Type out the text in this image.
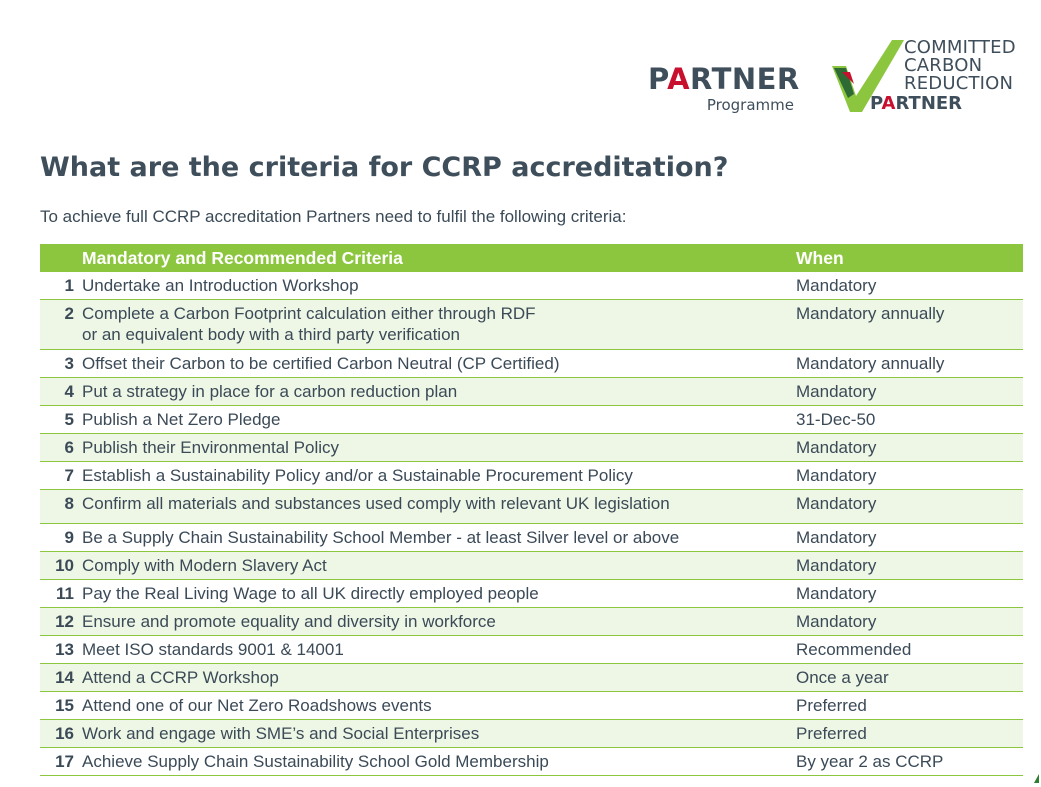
PARTNER
Programme
COMMITTED
CARBON
REDUCTION
PARTNER
What are the criteria for CCRP accreditation?

To achieve full CCRP accreditation Partners need to fulfil the following criteria:

	Mandatory and Recommended Criteria	When
1	Undertake an Introduction Workshop	Mandatory
2	Complete a Carbon Footprint calculation either through RDF
or an equivalent body with a third party verification	Mandatory annually
3	Offset their Carbon to be certified Carbon Neutral (CP Certified)	Mandatory annually
4	Put a strategy in place for a carbon reduction plan	Mandatory
5	Publish a Net Zero Pledge	31-Dec-50
6	Publish their Environmental Policy	Mandatory
7	Establish a Sustainability Policy and/or a Sustainable Procurement Policy	Mandatory
8	Confirm all materials and substances used comply with relevant UK legislation	Mandatory
9	Be a Supply Chain Sustainability School Member - at least Silver level or above	Mandatory
10	Comply with Modern Slavery Act	Mandatory
11	Pay the Real Living Wage to all UK directly employed people	Mandatory
12	Ensure and promote equality and diversity in workforce	Mandatory
13	Meet ISO standards 9001 & 14001	Recommended
14	Attend a CCRP Workshop	Once a year
15	Attend one of our Net Zero Roadshows events	Preferred
16	Work and engage with SME’s and Social Enterprises	Preferred
17	Achieve Supply Chain Sustainability School Gold Membership	By year 2 as CCRP
